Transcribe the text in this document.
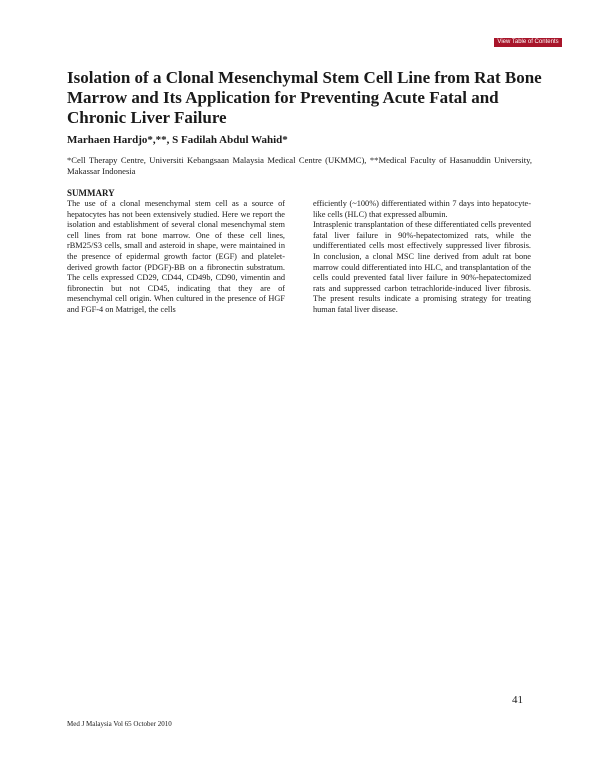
View Table of Contents
Isolation of a Clonal Mesenchymal Stem Cell Line from Rat Bone Marrow and Its Application for Preventing Acute Fatal and Chronic Liver Failure
Marhaen Hardjo*,**, S Fadilah Abdul Wahid*
*Cell Therapy Centre, Universiti Kebangsaan Malaysia Medical Centre (UKMMC), **Medical Faculty of Hasanuddin University, Makassar Indonesia
SUMMARY

The use of a clonal mesenchymal stem cell as a source of hepatocytes has not been extensively studied. Here we report the isolation and establishment of several clonal mesenchymal stem cell lines from rat bone marrow. One of these cell lines, rBM25/S3 cells, small and asteroid in shape, were maintained in the presence of epidermal growth factor (EGF) and platelet-derived growth factor (PDGF)-BB on a fibronectin substratum. The cells expressed CD29, CD44, CD49b, CD90, vimentin and fibronectin but not CD45, indicating that they are of mesenchymal cell origin. When cultured in the presence of HGF and FGF-4 on Matrigel, the cells

efficiently (~100%) differentiated within 7 days into hepatocyte-like cells (HLC) that expressed albumin.

Intrasplenic transplantation of these differentiated cells prevented fatal liver failure in 90%-hepatectomized rats, while the undifferentiated cells most effectively suppressed liver fibrosis. In conclusion, a clonal MSC line derived from adult rat bone marrow could differentiated into HLC, and transplantation of the cells could prevented fatal liver failure in 90%-hepatectomized rats and suppressed carbon tetrachloride-induced liver fibrosis. The present results indicate a promising strategy for treating human fatal liver disease.

41
Med J Malaysia Vol 65 October 2010
